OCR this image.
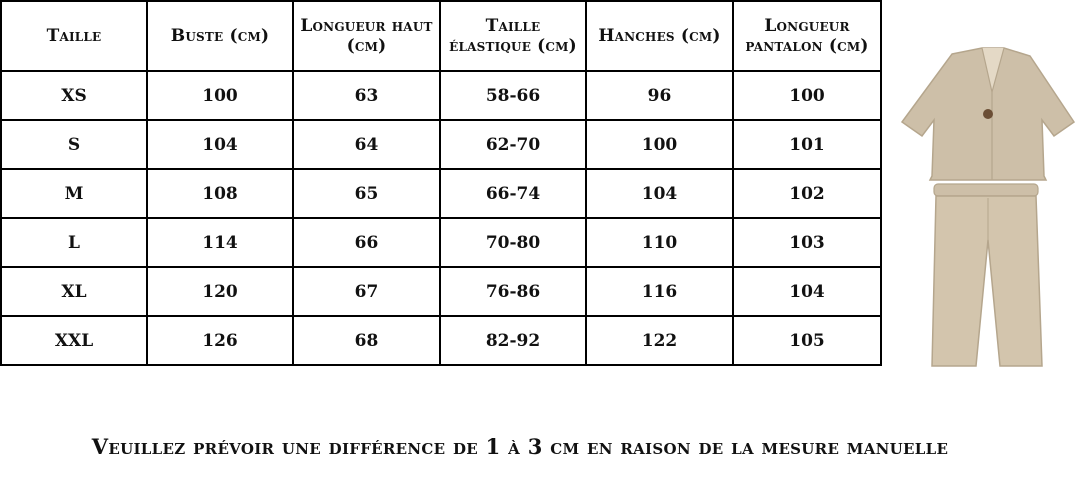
Taille	Buste (cm)	Longueur haut (cm)	Taille élastique (cm)	Hanches (cm)	Longueur pantalon (cm)
XS	100	63	58-66	96	100
S	104	64	62-70	100	101
M	108	65	66-74	104	102
L	114	66	70-80	110	103
XL	120	67	76-86	116	104
XXL	126	68	82-92	122	105
Veuillez prévoir une différence de 1 à 3 cm en raison de la mesure manuelle
